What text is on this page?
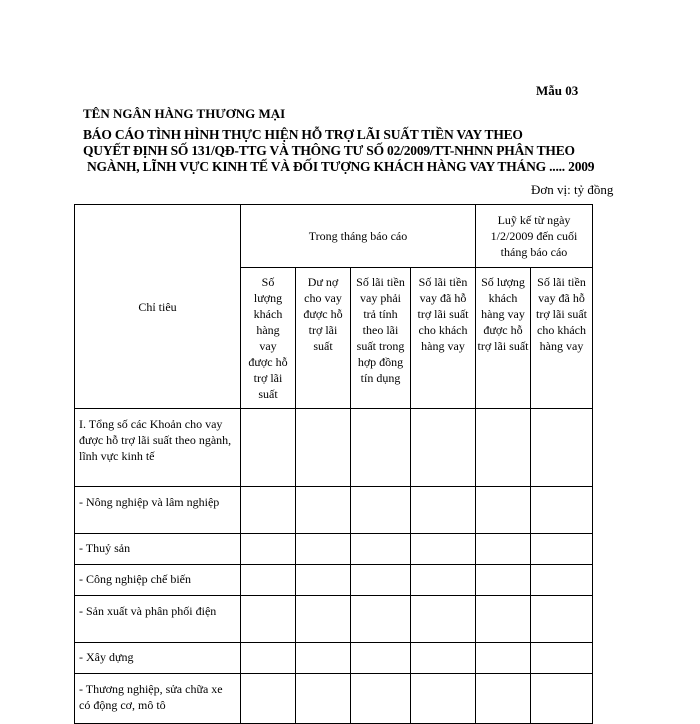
Mẫu 03
TÊN NGÂN HÀNG THƯƠNG MẠI
BÁO CÁO TÌNH HÌNH THỰC HIỆN HỖ TRỢ LÃI SUẤT TIỀN VAY THEO
QUYẾT ĐỊNH SỐ 131/QĐ-TTG VÀ THÔNG TƯ SỐ 02/2009/TT-NHNN PHÂN THEO
NGÀNH, LĨNH VỰC KINH TẾ VÀ ĐỐI TƯỢNG KHÁCH HÀNG VAY THÁNG ..... 2009
Đơn vị: tỷ đồng
Chỉ tiêu	Trong tháng báo cáo				Luỹ kế từ ngày 1/2/2009 đến cuối tháng báo cáo	
	Số lượng khách hàng vay được hỗ trợ lãi suất	Dư nợ cho vay được hỗ trợ lãi suất	Số lãi tiền vay phải trả tính theo lãi suất trong hợp đồng tín dụng	Số lãi tiền vay đã hỗ trợ lãi suất cho khách hàng vay	Số lượng khách hàng vay được hỗ trợ lãi suất	Số lãi tiền vay đã hỗ trợ lãi suất cho khách hàng vay
I. Tổng số các Khoản cho vay được hỗ trợ lãi suất theo ngành, lĩnh vực kinh tế						
- Nông nghiệp và lâm nghiệp						
- Thuỷ sản						
- Công nghiệp chế biến						
- Sản xuất và phân phối điện						
- Xây dựng						
- Thương nghiệp, sửa chữa xe có động cơ, mô tô						
